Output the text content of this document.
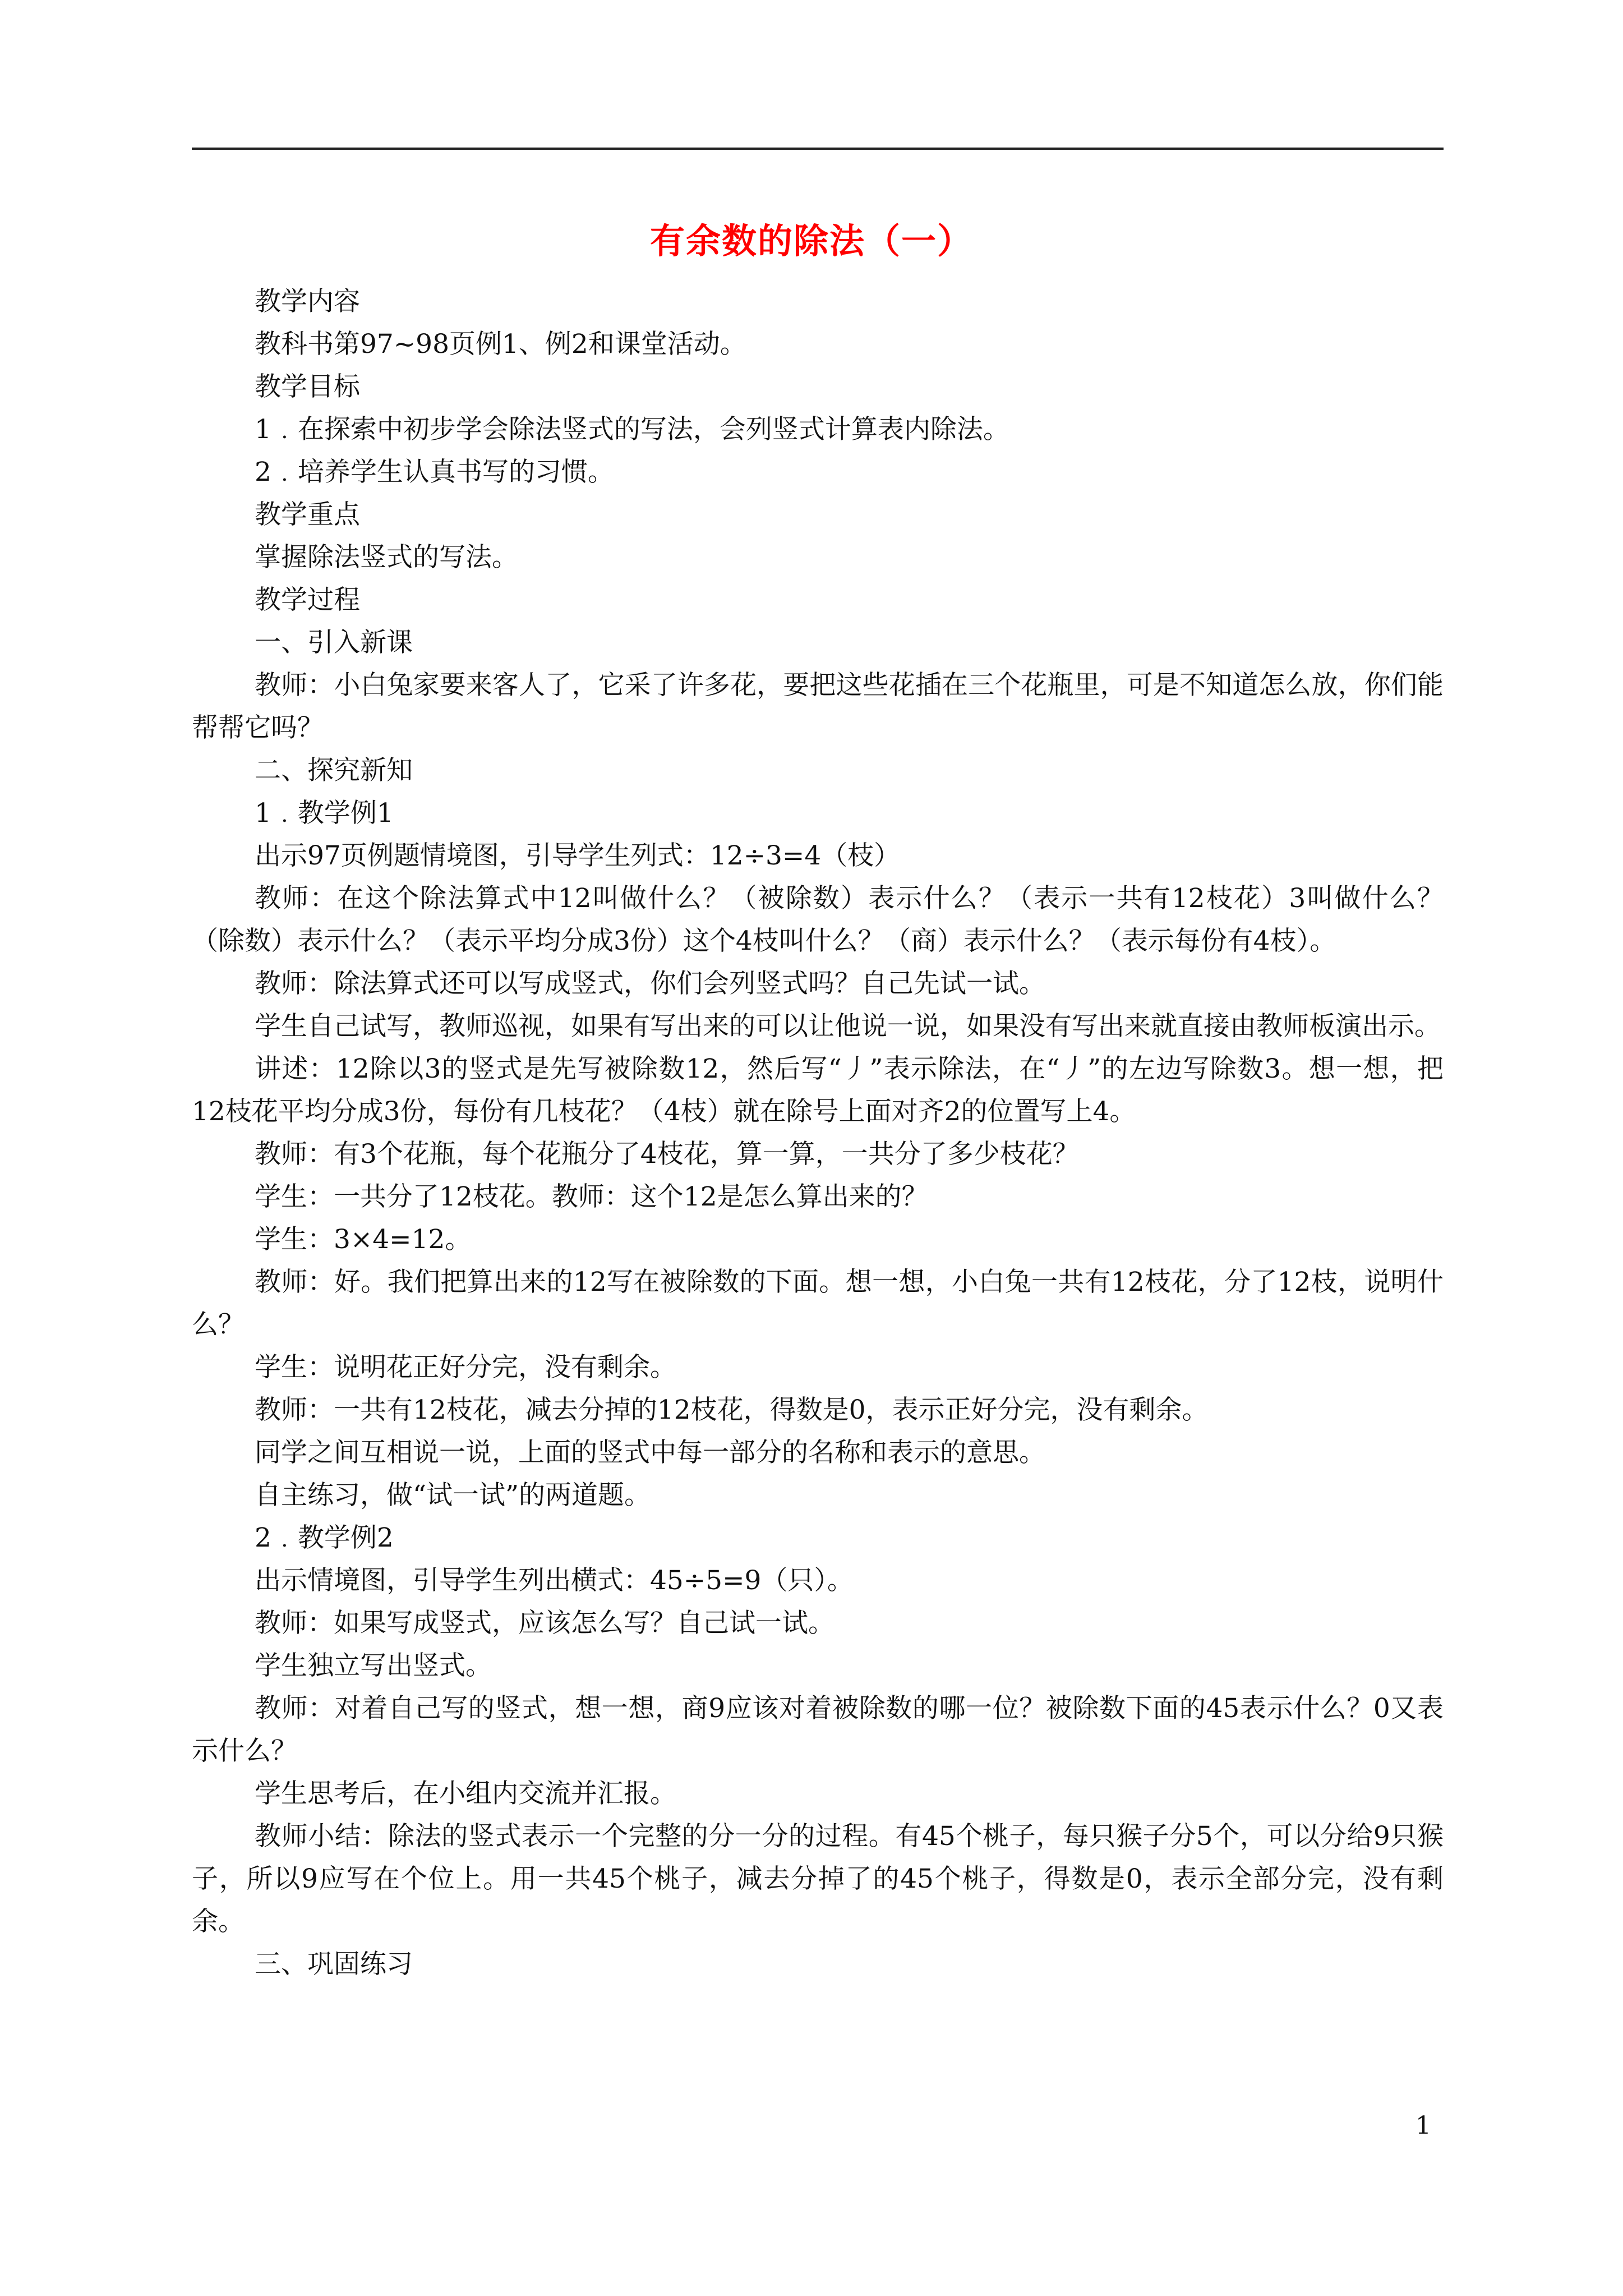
有余数的除法（一）

教学内容

教科书第97~98页例1、例2和课堂活动。

教学目标

1﹒在探索中初步学会除法竖式的写法，会列竖式计算表内除法。

2﹒培养学生认真书写的习惯。

教学重点

掌握除法竖式的写法。

教学过程

一、引入新课

教师：小白兔家要来客人了，它采了许多花，要把这些花插在三个花瓶里，可是不知道怎么放，你们能帮帮它吗？

二、探究新知

1﹒教学例1

出示97页例题情境图，引导学生列式：12÷3=4（枝）

教师：在这个除法算式中12叫做什么？（被除数）表示什么？（表示一共有12枝花）3叫做什么？（除数）表示什么？（表示平均分成3份）这个4枝叫什么？（商）表示什么？（表示每份有4枝）。

教师：除法算式还可以写成竖式，你们会列竖式吗？自己先试一试。

学生自己试写，教师巡视，如果有写出来的可以让他说一说，如果没有写出来就直接由教师板演出示。

讲述：12除以3的竖式是先写被除数12，然后写“丿”表示除法，在“丿”的左边写除数3。想一想，把12枝花平均分成3份，每份有几枝花？（4枝）就在除号上面对齐2的位置写上4。

教师：有3个花瓶，每个花瓶分了4枝花，算一算，一共分了多少枝花？

学生：一共分了12枝花。教师：这个12是怎么算出来的？

学生：3×4=12。

教师：好。我们把算出来的12写在被除数的下面。想一想，小白兔一共有12枝花，分了12枝，说明什么？

学生：说明花正好分完，没有剩余。

教师：一共有12枝花，减去分掉的12枝花，得数是0，表示正好分完，没有剩余。

同学之间互相说一说，上面的竖式中每一部分的名称和表示的意思。

自主练习，做“试一试”的两道题。

2﹒教学例2

出示情境图，引导学生列出横式：45÷5=9（只）。

教师：如果写成竖式，应该怎么写？自己试一试。

学生独立写出竖式。

教师：对着自己写的竖式，想一想，商9应该对着被除数的哪一位？被除数下面的45表示什么？0又表示什么？

学生思考后，在小组内交流并汇报。

教师小结：除法的竖式表示一个完整的分一分的过程。有45个桃子，每只猴子分5个，可以分给9只猴子，所以9应写在个位上。用一共45个桃子，减去分掉了的45个桃子，得数是0，表示全部分完，没有剩余。

三、巩固练习

1
